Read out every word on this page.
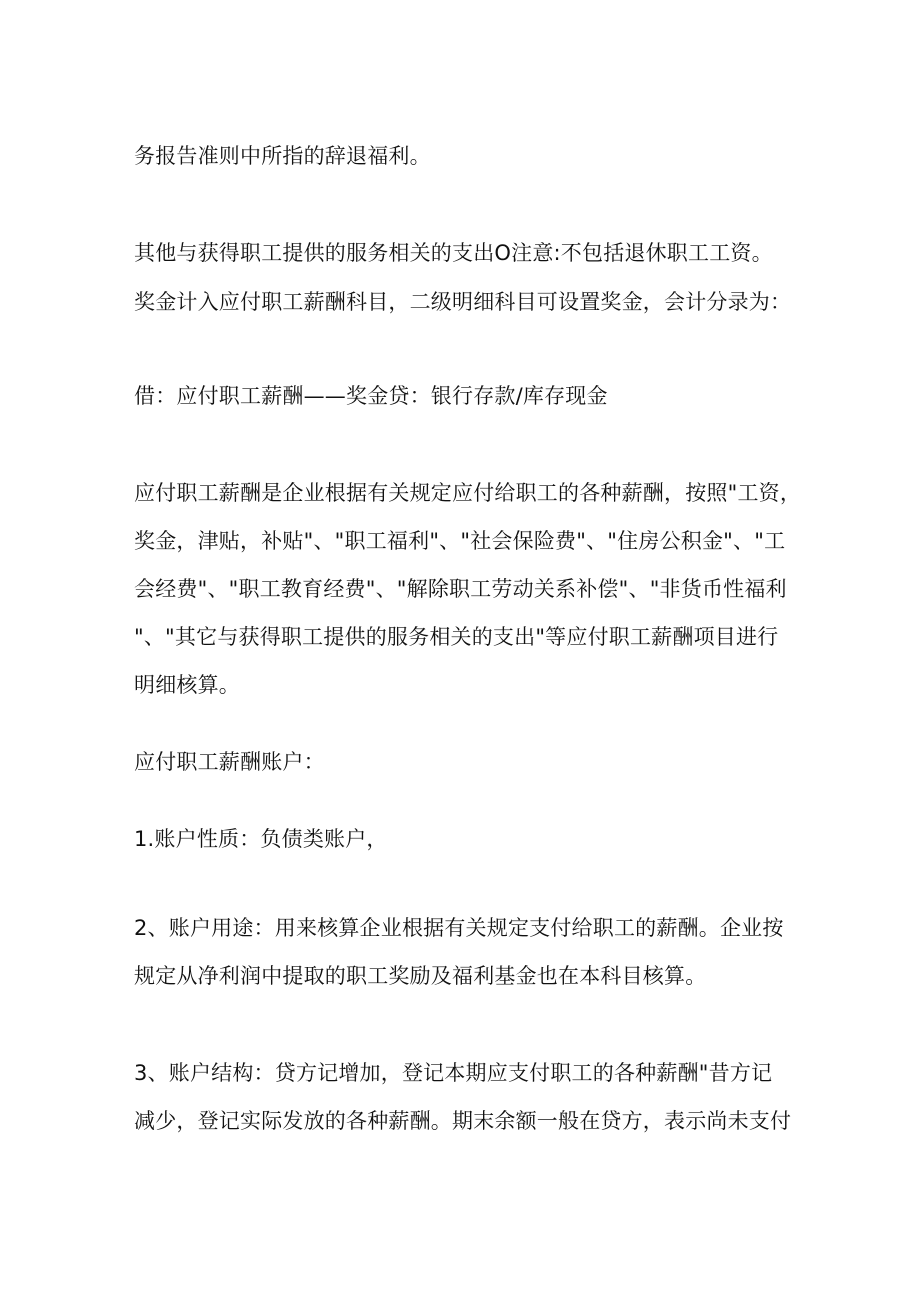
务报告准则中所指的辞退福利。
其他与获得职工提供的服务相关的支出O注意:不包括退休职工工资。
奖金计入应付职工薪酬科目，二级明细科目可设置奖金，会计分录为：
借：应付职工薪酬——奖金贷：银行存款/库存现金
应付职工薪酬是企业根据有关规定应付给职工的各种薪酬，按照"工资，
奖金，津贴，补贴"、"职工福利"、"社会保险费"、"住房公积金"、"工
会经费"、"职工教育经费"、"解除职工劳动关系补偿"、"非货币性福利
"、"其它与获得职工提供的服务相关的支出"等应付职工薪酬项目进行
明细核算。
应付职工薪酬账户：
1.账户性质：负债类账户，
2、账户用途：用来核算企业根据有关规定支付给职工的薪酬。企业按
规定从净利润中提取的职工奖励及福利基金也在本科目核算。
3、账户结构：贷方记增加，登记本期应支付职工的各种薪酬"昔方记
减少，登记实际发放的各种薪酬。期末余额一般在贷方，表示尚未支付
